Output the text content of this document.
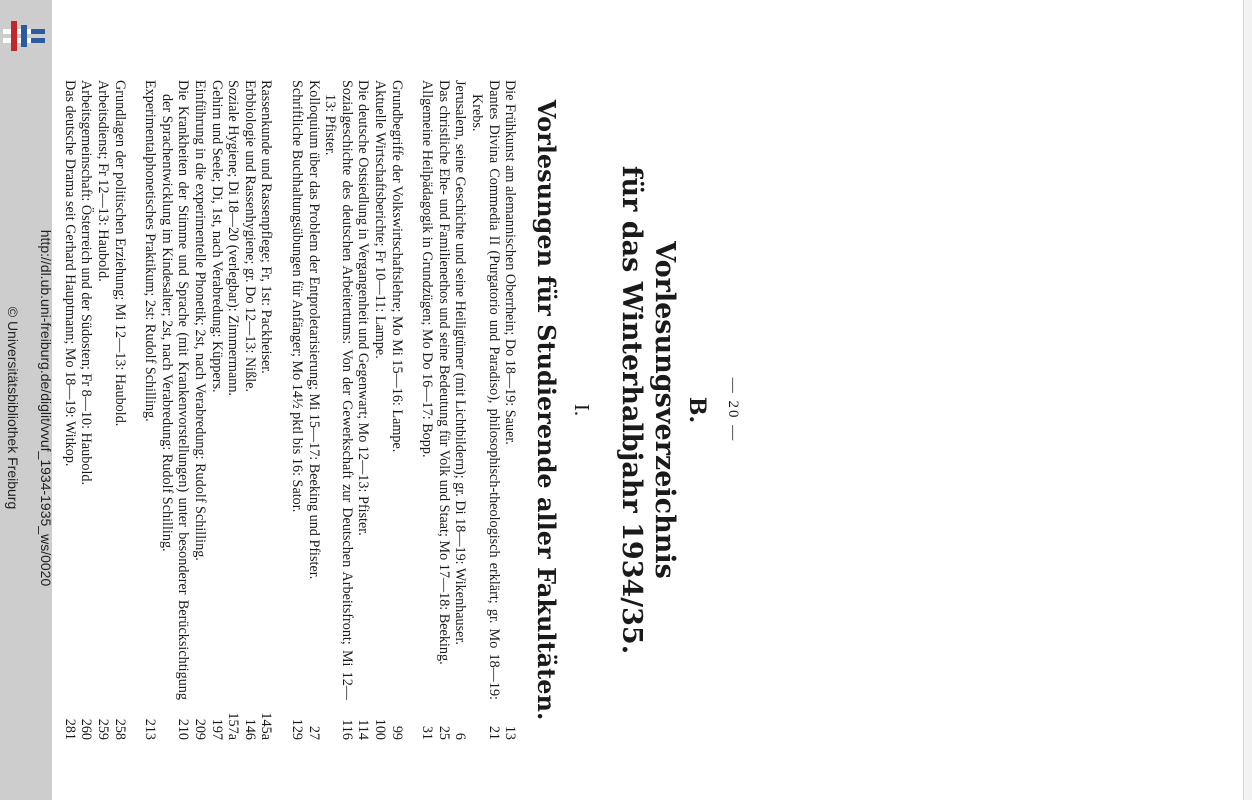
http://dl.ub.uni-freiburg.de/diglit/vvuf_1934-1935_ws/0020
© Universitätsbibliothek Freiburg	— 20 —
B.
Vorlesungsverzeichnis
für das Winterhalbjahr 1934/35.
I.
Vorlesungen für Studierende aller Fakultäten.
Die Frühkunst am alemannischen Oberrhein; Do 18—19: Sauer.
13
Dantes Divina Commedia II (Purgatorio und Paradiso), philosophisch-theologisch erklärt; gr. Mo 18—19: Krebs.
21
Jerusalem, seine Geschichte und seine Heiligtümer (mit Lichtbildern); gr. Di 18—19: Wikenhauser.
6
Das christliche Ehe- und Familienethos und seine Bedeutung für Volk und Staat; Mo 17—18: Beeking.
25
Allgemeine Heilpädagogik in Grundzügen; Mo Do 16—17: Bopp.
31
Grundbegriffe der Volkswirtschaftslehre; Mo Mi 15—16: Lampe.
99
Aktuelle Wirtschaftsberichte; Fr 10—11: Lampe.
100
Die deutsche Ostsiedlung in Vergangenheit und Gegenwart; Mo 12—13: Pfister.
114
Sozialgeschichte des deutschen Arbeitertums: Von der Gewerkschaft zur Deutschen Arbeitsfront; Mi 12—13: Pfister.
116
Kolloquium über das Problem der Entproletarisierung; Mi 15—17: Beeking und Pfister.
27
Schriftliche Buchhaltungsübungen für Anfänger; Mo 14½ pktl bis 16: Sator.
129
Rassenkunde und Rassenpflege; Fr, 1st: Packheiser.
145a
Erbbiologie und Rassenhygiene; gr. Do 12—13: Nißle.
146
Soziale Hygiene; Di 18—20 (verlegbar): Zimmermann.
157a
Gehirn und Seele; Di, 1st, nach Verabredung: Küppers.
197
Einführung in die experimentelle Phonetik; 2st, nach Verabredung: Rudolf Schilling.
209
Die Krankheiten der Stimme und Sprache (mit Krankenvorstellungen) unter besonderer Berücksichtigung der Sprachentwicklung im Kindesalter; 2st, nach Verabredung: Rudolf Schilling.
210
Experimentalphonetisches Praktikum; 2st: Rudolf Schilling.
213
Grundlagen der politischen Erziehung; Mi 12—13: Haubold.
258
Arbeitsdienst; Fr 12—13: Haubold.
259
Arbeitsgemeinschaft: Österreich und der Südosten; Fr 8—10: Haubold.
260
Das deutsche Drama seit Gerhard Hauptmann; Mo 18—19: Witkop.
281
